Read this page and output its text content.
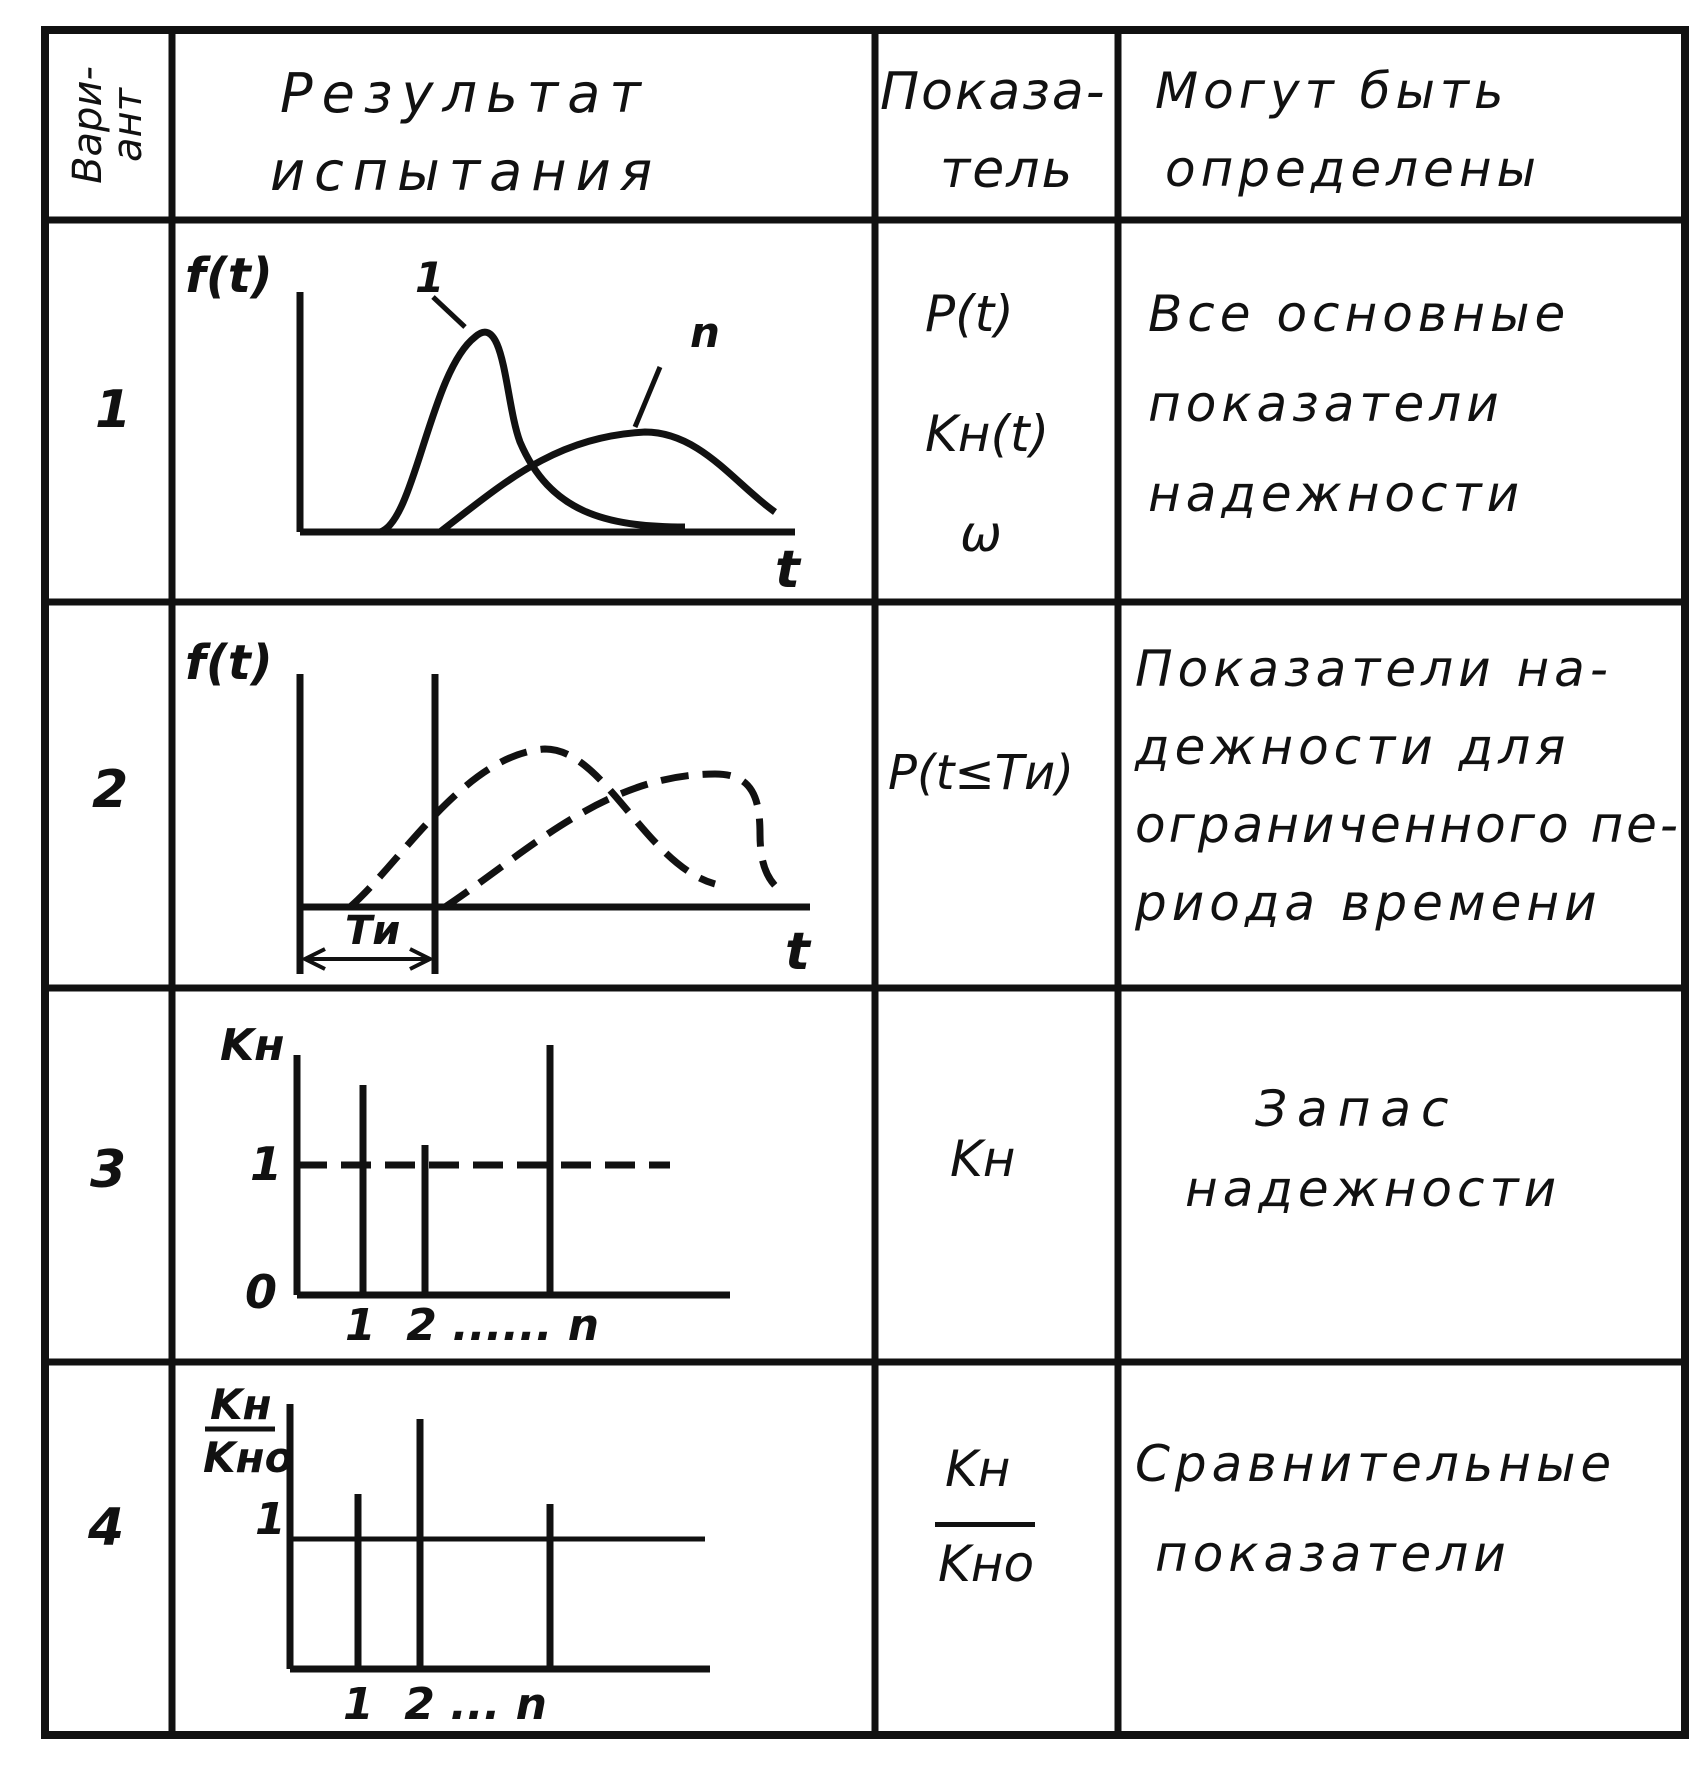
Вари-ант Результат
испытания
Показа-
тель
Могут быть
определены
1
2
3
4
f(t)
t
1
n
f(t)
t
Tи
Kн
1
0
1  2 ...... n
Kн
Kно
1
1  2 ... n
P(t)
Kн(t)
ω
P(t≤Tи)
Kн
Kн
Kно
Все основные
показатели
надежности
Показатели на-
дежности для
ограниченного пе-
риода времени
Запас
надежности
Сравнительные
показатели
